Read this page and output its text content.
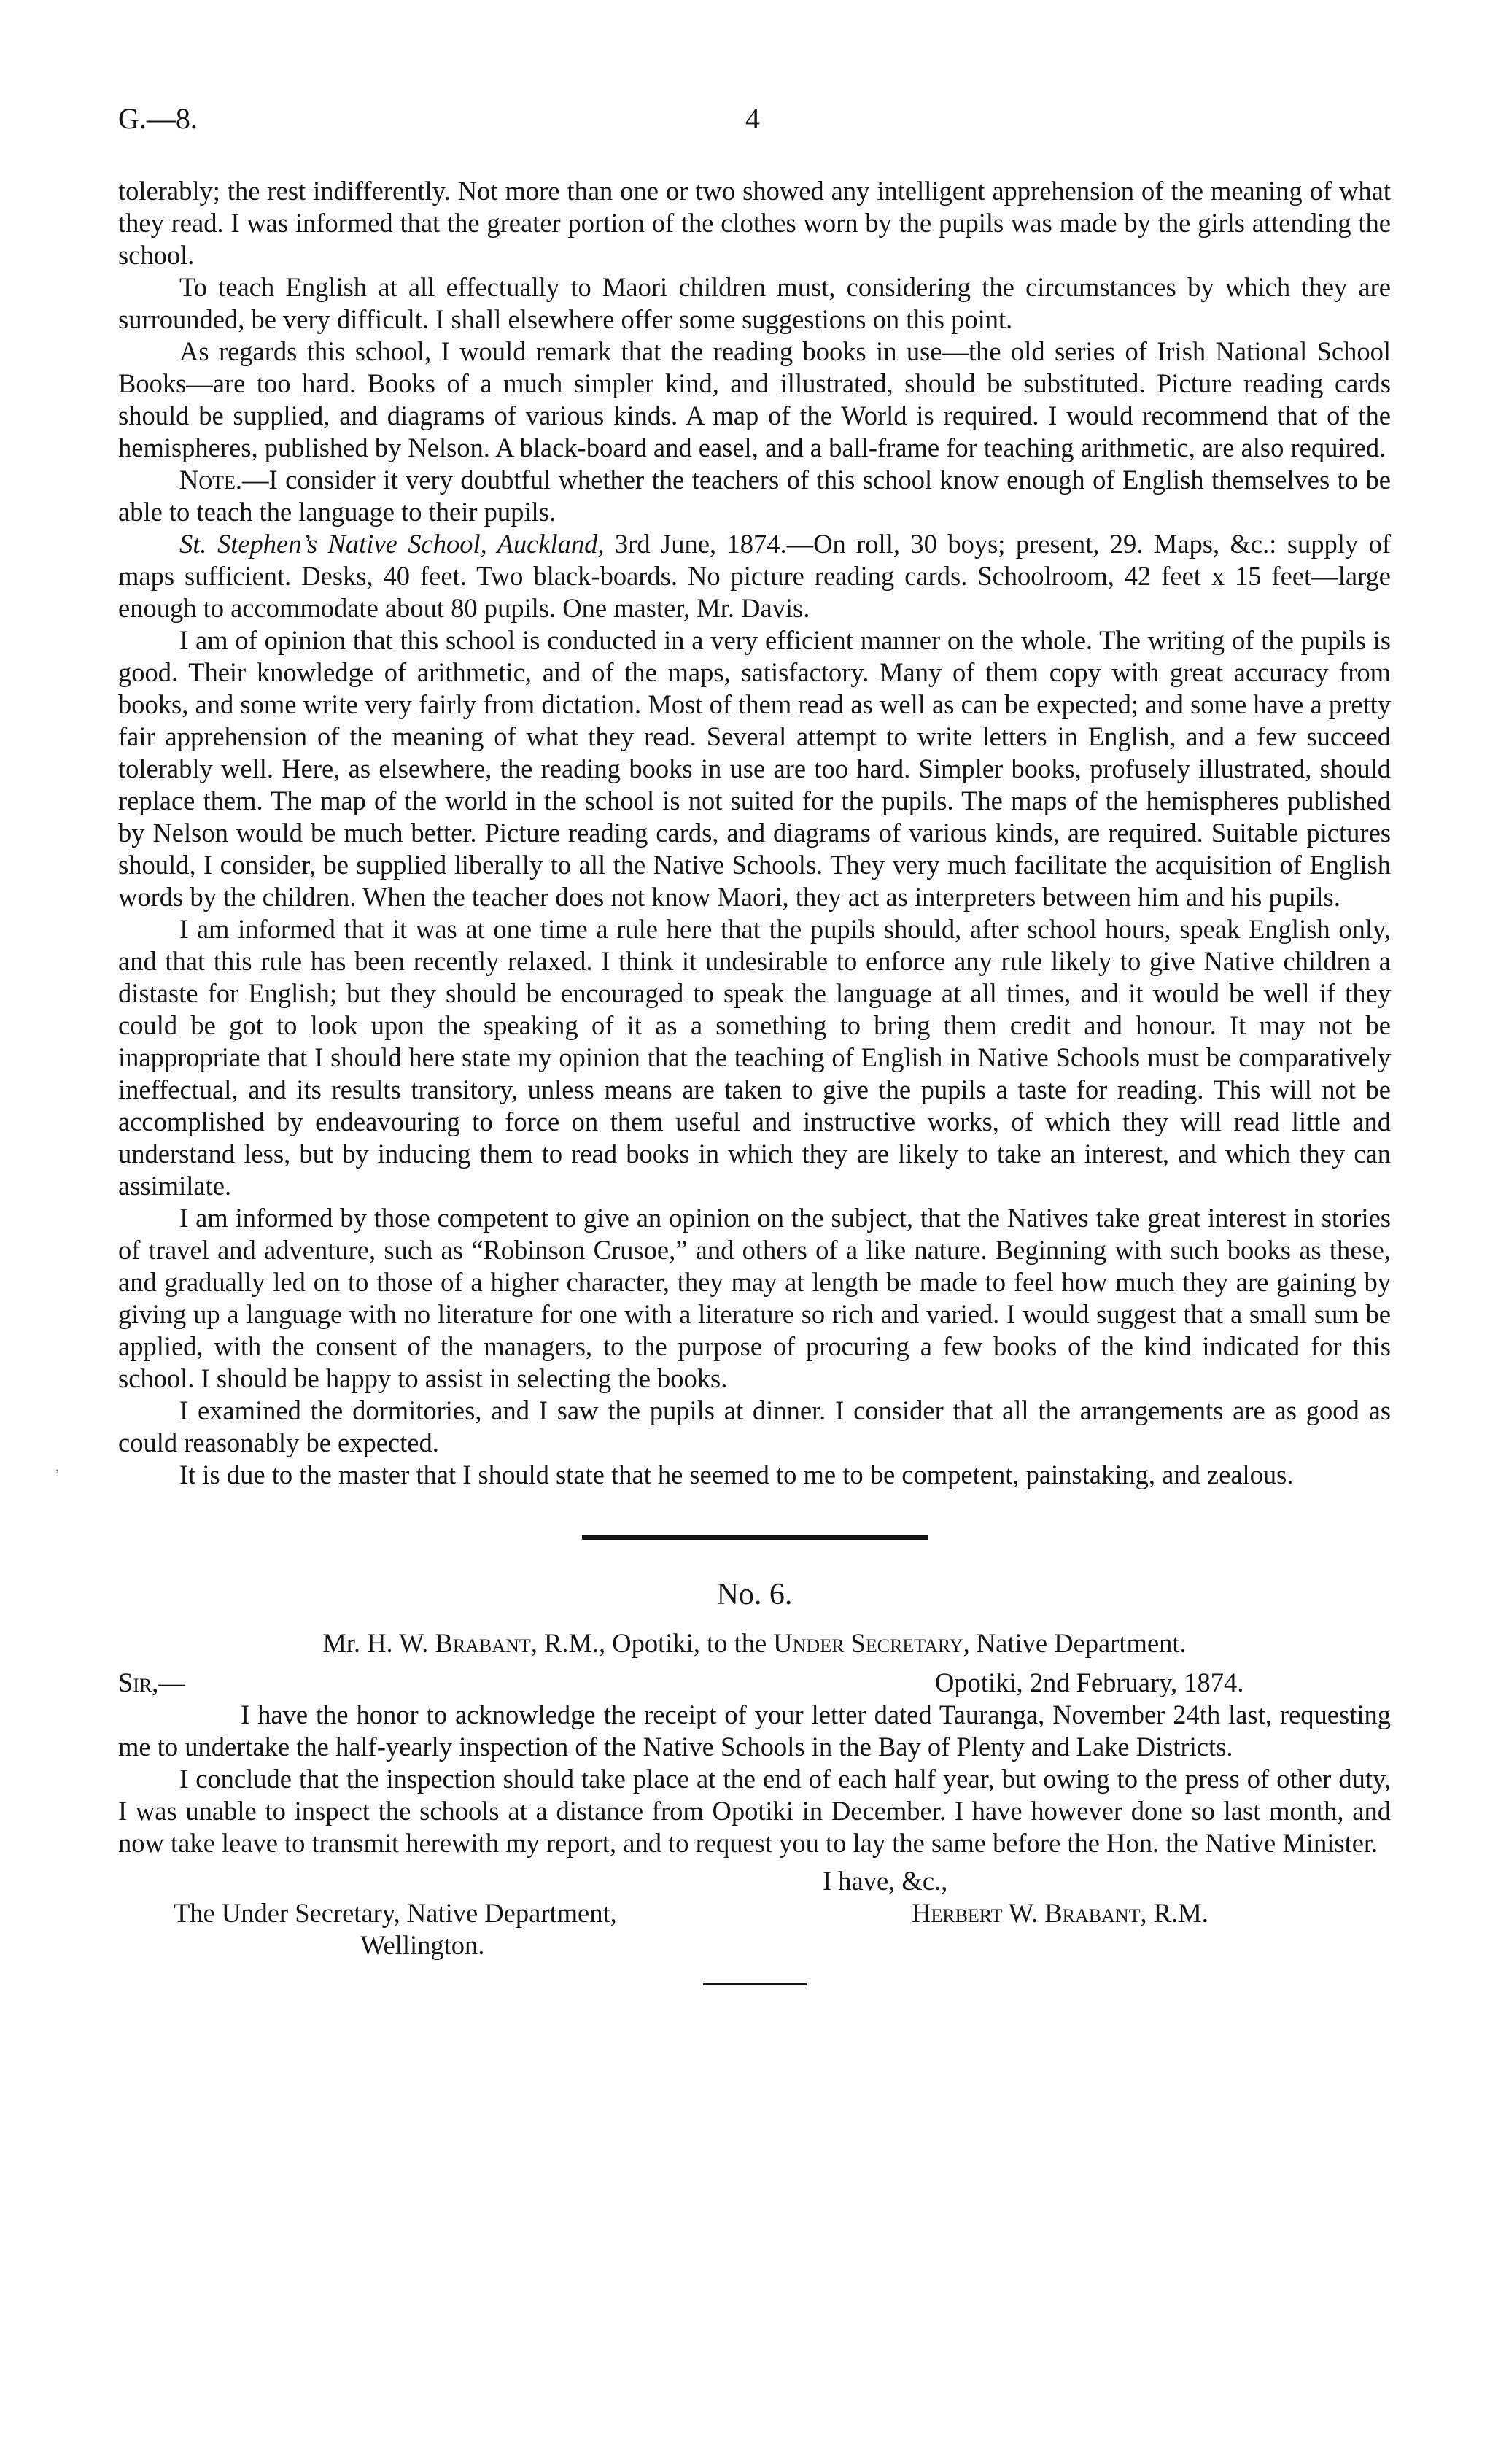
G.—8.	4
,

tolerably; the rest indifferently. Not more than one or two showed any intelligent apprehension of the meaning of what they read. I was informed that the greater portion of the clothes worn by the pupils was made by the girls attending the school.

To teach English at all effectually to Maori children must, considering the circumstances by which they are surrounded, be very difficult. I shall elsewhere offer some suggestions on this point.

As regards this school, I would remark that the reading books in use—the old series of Irish National School Books—are too hard. Books of a much simpler kind, and illustrated, should be substituted. Picture reading cards should be supplied, and diagrams of various kinds. A map of the World is required. I would recommend that of the hemispheres, published by Nelson. A black-board and easel, and a ball-frame for teaching arithmetic, are also required.

Note.—I consider it very doubtful whether the teachers of this school know enough of English themselves to be able to teach the language to their pupils.

St. Stephen’s Native School, Auckland, 3rd June, 1874.—On roll, 30 boys; present, 29. Maps, &c.: supply of maps sufficient. Desks, 40 feet. Two black-boards. No picture reading cards. Schoolroom, 42 feet x 15 feet—large enough to accommodate about 80 pupils. One master, Mr. Davis.

I am of opinion that this school is conducted in a very efficient manner on the whole. The writing of the pupils is good. Their knowledge of arithmetic, and of the maps, satisfactory. Many of them copy with great accuracy from books, and some write very fairly from dictation. Most of them read as well as can be expected; and some have a pretty fair apprehension of the meaning of what they read. Several attempt to write letters in English, and a few succeed tolerably well. Here, as elsewhere, the reading books in use are too hard. Simpler books, profusely illustrated, should replace them. The map of the world in the school is not suited for the pupils. The maps of the hemispheres published by Nelson would be much better. Picture reading cards, and diagrams of various kinds, are required. Suitable pictures should, I consider, be supplied liberally to all the Native Schools. They very much facilitate the acquisition of English words by the children. When the teacher does not know Maori, they act as interpreters between him and his pupils.

I am informed that it was at one time a rule here that the pupils should, after school hours, speak English only, and that this rule has been recently relaxed. I think it undesirable to enforce any rule likely to give Native children a distaste for English; but they should be encouraged to speak the language at all times, and it would be well if they could be got to look upon the speaking of it as a something to bring them credit and honour. It may not be inappropriate that I should here state my opinion that the teaching of English in Native Schools must be comparatively ineffectual, and its results transitory, unless means are taken to give the pupils a taste for reading. This will not be accomplished by endeavouring to force on them useful and instructive works, of which they will read little and understand less, but by inducing them to read books in which they are likely to take an interest, and which they can assimilate.

I am informed by those competent to give an opinion on the subject, that the Natives take great interest in stories of travel and adventure, such as “Robinson Crusoe,” and others of a like nature. Beginning with such books as these, and gradually led on to those of a higher character, they may at length be made to feel how much they are gaining by giving up a language with no literature for one with a literature so rich and varied. I would suggest that a small sum be applied, with the consent of the managers, to the purpose of procuring a few books of the kind indicated for this school. I should be happy to assist in selecting the books.

I examined the dormitories, and I saw the pupils at dinner. I consider that all the arrangements are as good as could reasonably be expected.

It is due to the master that I should state that he seemed to me to be competent, painstaking, and zealous.

No. 6.
Mr. H. W. Brabant, R.M., Opotiki, to the Under Secretary, Native Department.
Sir,—	Opotiki, 2nd February, 1874.

I have the honor to acknowledge the receipt of your letter dated Tauranga, November 24th last, requesting me to undertake the half-yearly inspection of the Native Schools in the Bay of Plenty and Lake Districts.

I conclude that the inspection should take place at the end of each half year, but owing to the press of other duty, I was unable to inspect the schools at a distance from Opotiki in December. I have however done so last month, and now take leave to transmit herewith my report, and to request you to lay the same before the Hon. the Native Minister.

I have, &c.,
The Under Secretary, Native Department,	Herbert W. Brabant, R.M.
Wellington.
